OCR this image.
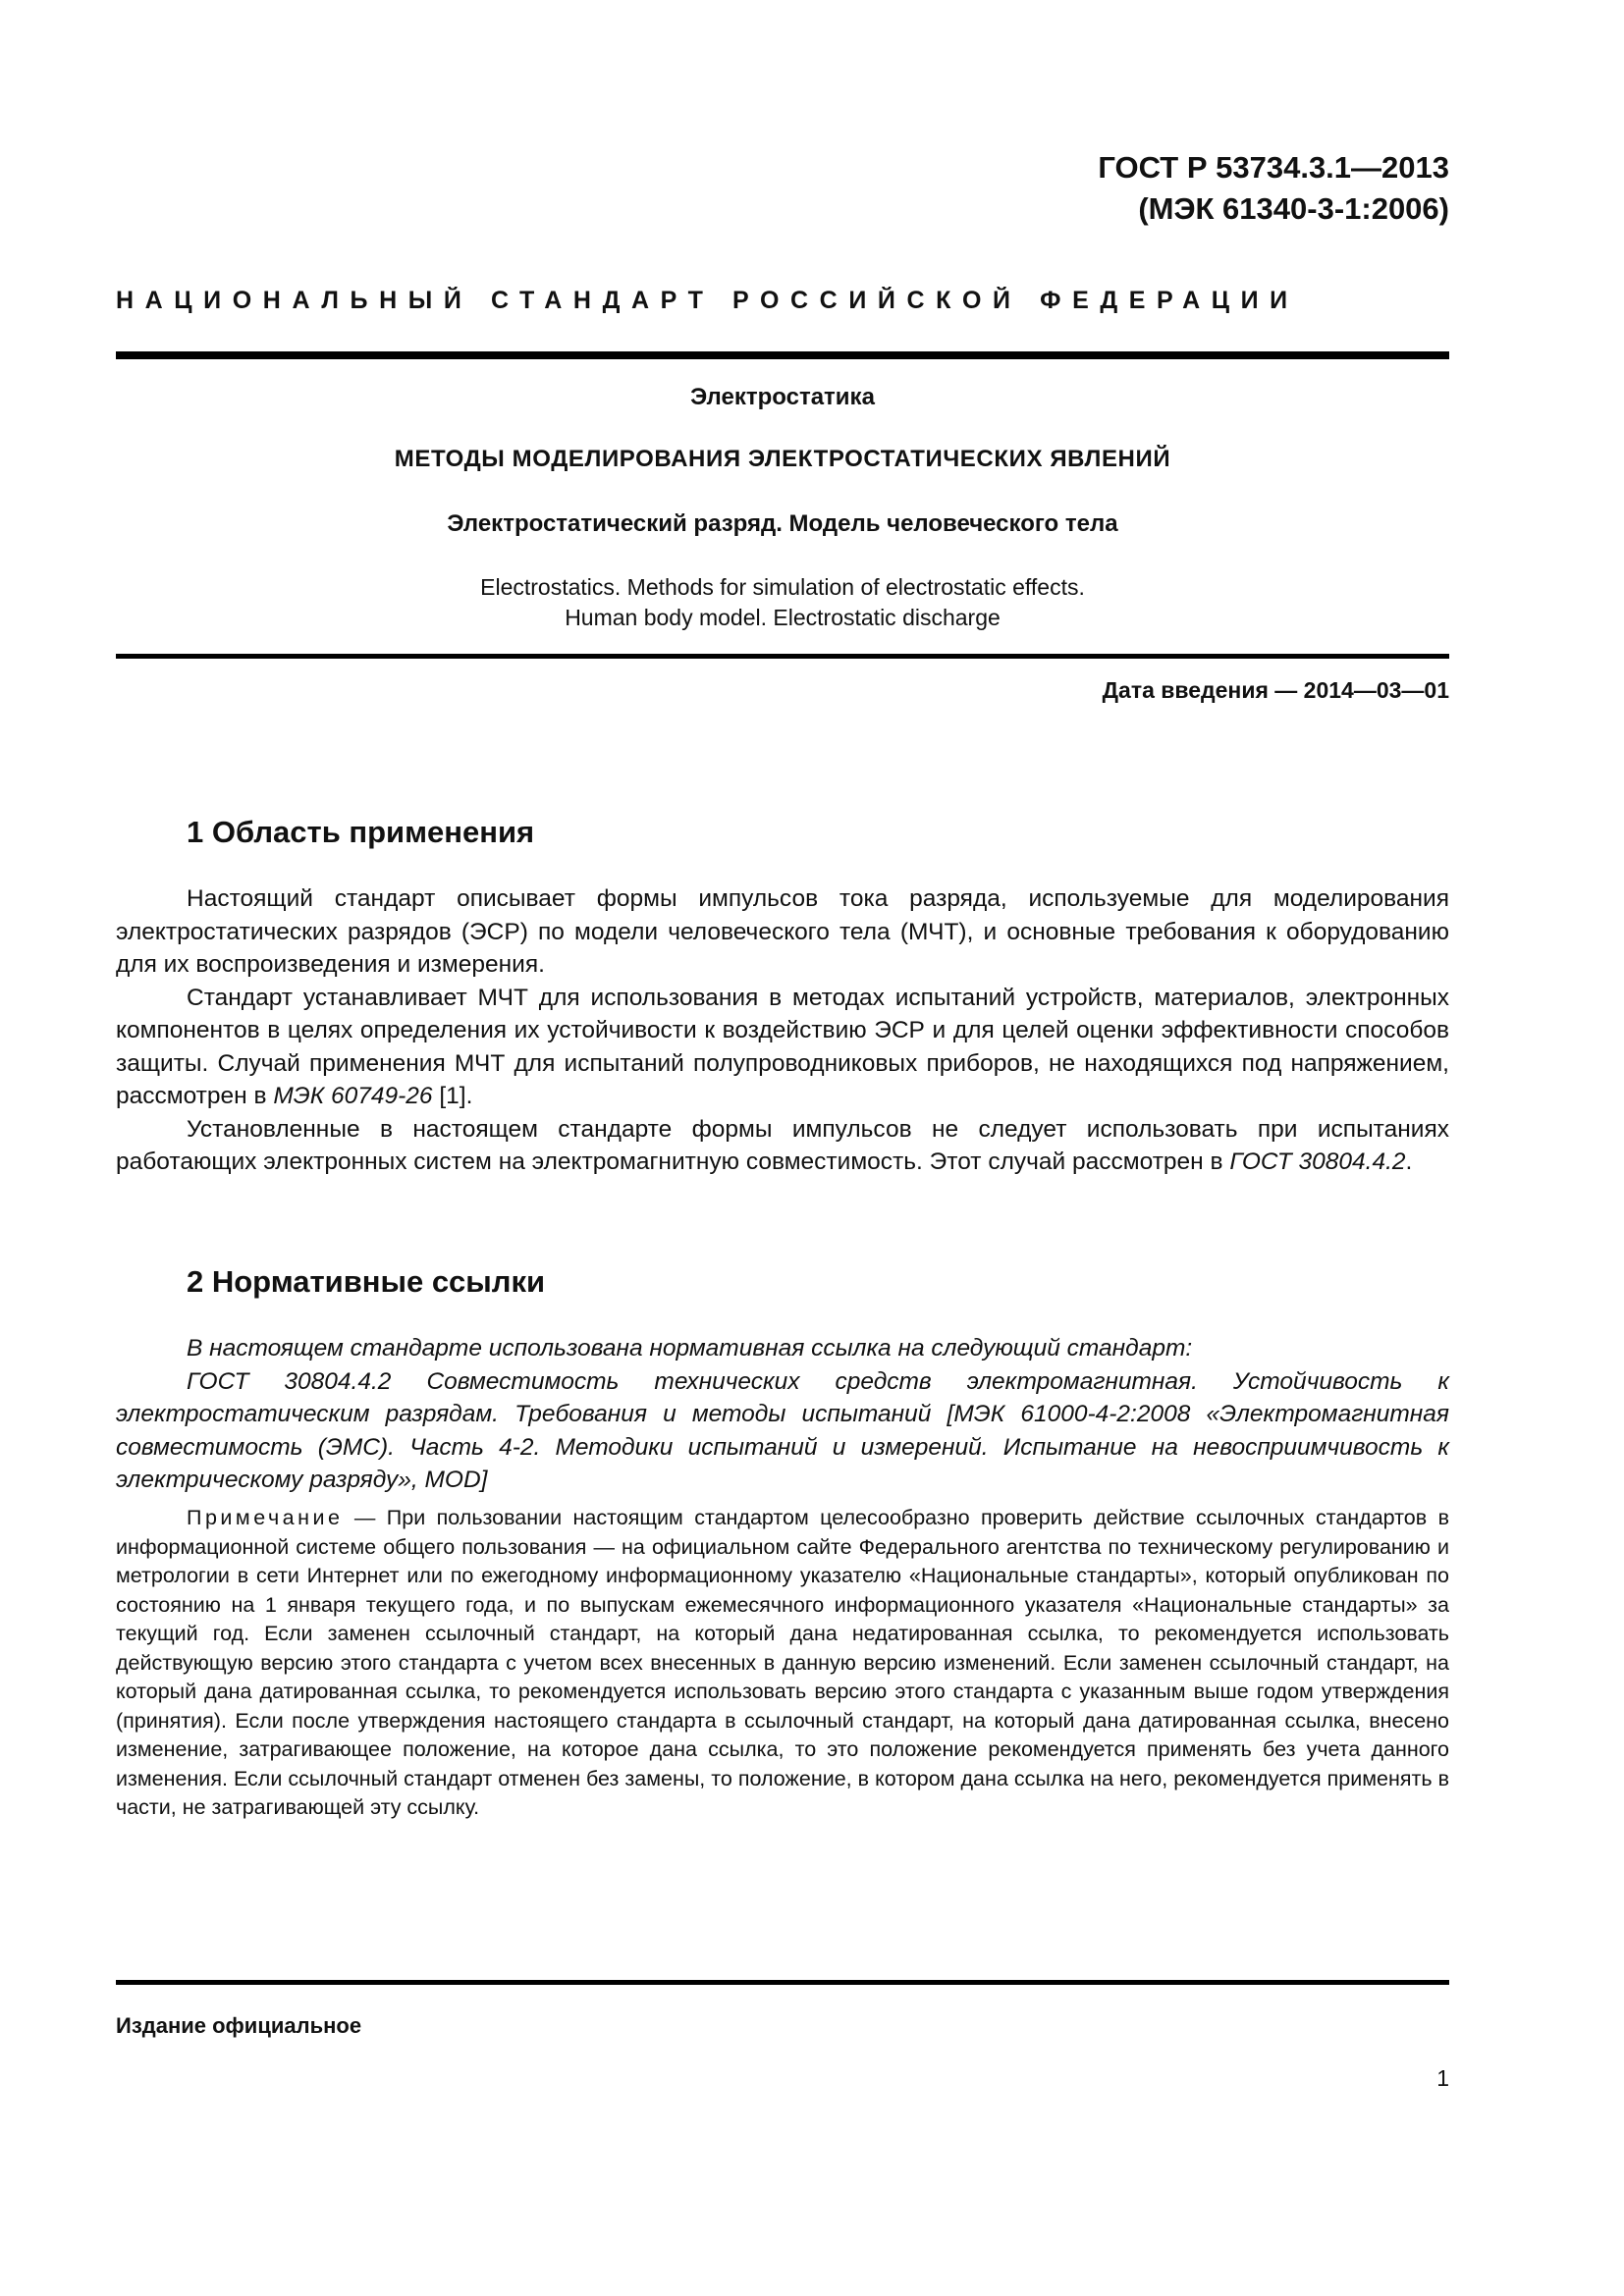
ГОСТ Р 53734.3.1—2013
(МЭК 61340-3-1:2006)
НАЦИОНАЛЬНЫЙ СТАНДАРТ РОССИЙСКОЙ ФЕДЕРАЦИИ
Электростатика
МЕТОДЫ МОДЕЛИРОВАНИЯ ЭЛЕКТРОСТАТИЧЕСКИХ ЯВЛЕНИЙ
Электростатический разряд. Модель человеческого тела
Electrostatics. Methods for simulation of electrostatic effects.
Human body model. Electrostatic discharge
Дата введения — 2014—03—01
1 Область применения

Настоящий стандарт описывает формы импульсов тока разряда, используемые для моделирования электростатических разрядов (ЭСР) по модели человеческого тела (МЧТ), и основные требования к оборудованию для их воспроизведения и измерения.

Стандарт устанавливает МЧТ для использования в методах испытаний устройств, материалов, электронных компонентов в целях определения их устойчивости к воздействию ЭСР и для целей оценки эффективности способов защиты. Случай применения МЧТ для испытаний полупроводниковых приборов, не находящихся под напряжением, рассмотрен в МЭК 60749-26 [1].

Установленные в настоящем стандарте формы импульсов не следует использовать при испытаниях работающих электронных систем на электромагнитную совместимость. Этот случай рассмотрен в ГОСТ 30804.4.2.

2 Нормативные ссылки

В настоящем стандарте использована нормативная ссылка на следующий стандарт:

ГОСТ 30804.4.2 Совместимость технических средств электромагнитная. Устойчивость к электростатическим разрядам. Требования и методы испытаний [МЭК 61000-4-2:2008 «Электромагнитная совместимость (ЭМС). Часть 4-2. Методики испытаний и измерений. Испытание на невосприимчивость к электрическому разряду», MOD]

Примечание — При пользовании настоящим стандартом целесообразно проверить действие ссылочных стандартов в информационной системе общего пользования — на официальном сайте Федерального агентства по техническому регулированию и метрологии в сети Интернет или по ежегодному информационному указателю «Национальные стандарты», который опубликован по состоянию на 1 января текущего года, и по выпускам ежемесячного информационного указателя «Национальные стандарты» за текущий год. Если заменен ссылочный стандарт, на который дана недатированная ссылка, то рекомендуется использовать действующую версию этого стандарта с учетом всех внесенных в данную версию изменений. Если заменен ссылочный стандарт, на который дана датированная ссылка, то рекомендуется использовать версию этого стандарта с указанным выше годом утверждения (принятия). Если после утверждения настоящего стандарта в ссылочный стандарт, на который дана датированная ссылка, внесено изменение, затрагивающее положение, на которое дана ссылка, то это положение рекомендуется применять без учета данного изменения. Если ссылочный стандарт отменен без замены, то положение, в котором дана ссылка на него, рекомендуется применять в части, не затрагивающей эту ссылку.

Издание официальное
1
